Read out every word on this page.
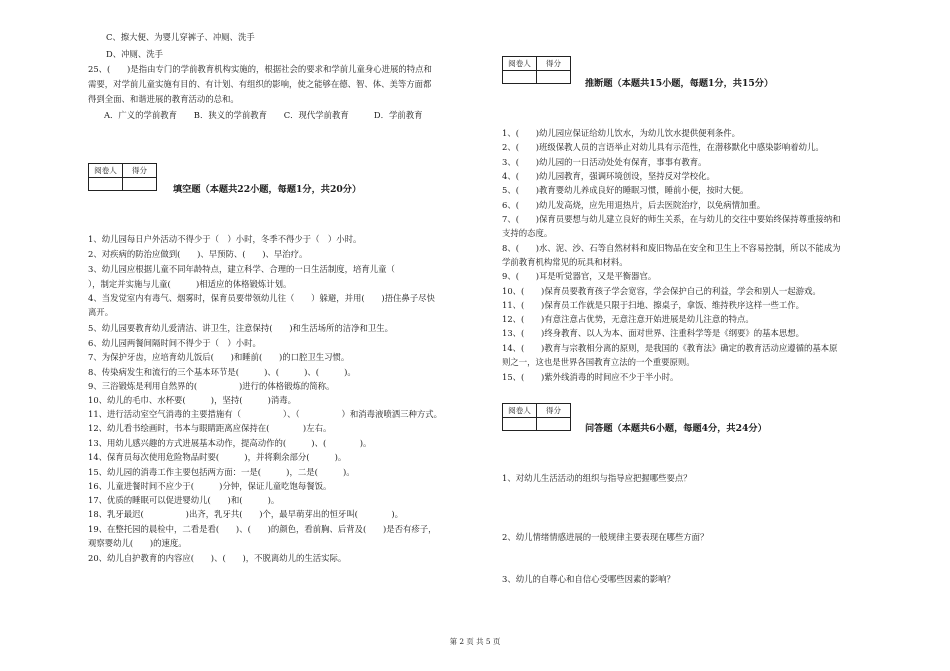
C、擦大便、为婴儿穿裤子、冲厕、洗手
D、冲厕、洗手
25、(　　)是指由专门的学前教育机构实施的，根据社会的要求和学前儿童身心进展的特点和
需要，对学前儿童实施有目的、有计划、有组织的影响，使之能够在德、智、体、美等方面都
得到全面、和谐进展的教育活动的总和。
A．广义的学前教育　　B．狭义的学前教育　　C．现代学前教育　　　D．学前教育
阅卷人	得分

填空题（本题共22小题，每题1分，共20分）
1、幼儿园每日户外活动不得少于（　）小时，冬季不得少于（　）小时。
2、对疾病的防治应做到(　　)、早预防、(　　)、早治疗。
3、幼儿园应根据儿童不同年龄特点，建立科学、合理的一日生活制度，培育儿童（
），制定并实施与儿童(　　　)相适应的体格锻炼计划。
4、当发觉室内有毒气、烟雾时，保育员要带领幼儿往（　　）躲避，并用(　　)捂住鼻子尽快
离开。
5、幼儿园要教育幼儿爱清洁、讲卫生，注意保持(　　)和生活场所的洁净和卫生。
6、幼儿园两餐间隔时间不得少于（　）小时。
7、为保护牙齿，应培育幼儿饭后(　　)和睡前(　　)的口腔卫生习惯。
8、传染病发生和流行的三个基本环节是(　　　)、(　　　)、(　　　)。
9、三浴锻炼是利用自然界的(　　　　　)进行的体格锻炼的简称。
10、幼儿的毛巾、水杯要(　　　)，坚持(　　　)消毒。
11、进行活动室空气消毒的主要措施有（　　　　　）、（　　　　　）和消毒液喷洒三种方式。
12、幼儿看书绘画时，书本与眼睛距离应保持在(　　　　)左右。
13、用幼儿感兴趣的方式进展基本动作，提高动作的(　　　)、(　　　　)。
14、保育员每次使用危险物品时要(　　　)，并将剩余部分(　　　)。
15、幼儿园的消毒工作主要包括两方面：一是(　　　)，二是(　　　)。
16、儿童进餐时间不应少于(　　　)分钟，保证儿童吃饱每餐饭。
17、优质的睡眠可以促进婴幼儿(　　)和(　　　)。
18、乳牙最迟(　　　　　)出齐，乳牙共(　　)个，最早萌芽出的恒牙叫(　　　　)。
19、在整托园的晨检中，二看是看(　　)、(　　)的颜色，看前胸、后背及(　　)是否有疹子，
观察婴幼儿(　　)的速度。
20、幼儿自护教育的内容应(　　)、(　　)，不脱离幼儿的生活实际。
阅卷人	得分

推断题（本题共15小题，每题1分，共15分）
1、(　　)幼儿园应保证给幼儿饮水，为幼儿饮水提供便利条件。
2、(　　)班级保教人员的言语举止对幼儿具有示范性，在潜移默化中感染影响着幼儿。
3、(　　)幼儿园的一日活动处处有保育，事事有教育。
4、(　　)幼儿园教育，强调环境创设，坚持反对学校化。
5、(　　)教育婴幼儿养成良好的睡眠习惯，睡前小便，按时大便。
6、(　　)幼儿发高烧，应先用退热片，后去医院治疗，以免病情加重。
7、(　　)保育员要想与幼儿建立良好的师生关系，在与幼儿的交往中要始终保持尊重接纳和
支持的态度。
8、(　　)水、泥、沙、石等自然材料和废旧物品在安全和卫生上不容易控制，所以不能成为
学前教育机构常见的玩具和材料。
9、(　　)耳是听觉器官，又是平衡器官。
10、(　　)保育员要教育孩子学会宽容，学会保护自己的利益，学会和别人一起游戏。
11、(　　)保育员工作就是只限于扫地、擦桌子，拿饭、维持秩序这样一些工作。
12、(　　)有意注意占优势，无意注意开始进展是幼儿注意的特点。
13、(　　)终身教育、以人为本、面对世界、注重科学等是《纲要》的基本思想。
14、(　　)教育与宗教相分离的原则，是我国的《教育法》确定的教育活动应遵循的基本原
则之一，这也是世界各国教育立法的一个重要原则。
15、(　　)紫外线消毒的时间应不少于半小时。
阅卷人	得分

问答题（本题共6小题，每题4分，共24分）
1、对幼儿生活活动的组织与指导应把握哪些要点？
2、幼儿情绪情感进展的一般规律主要表现在哪些方面？
3、幼儿的自尊心和自信心受哪些因素的影响？
第 2 页 共 5 页
